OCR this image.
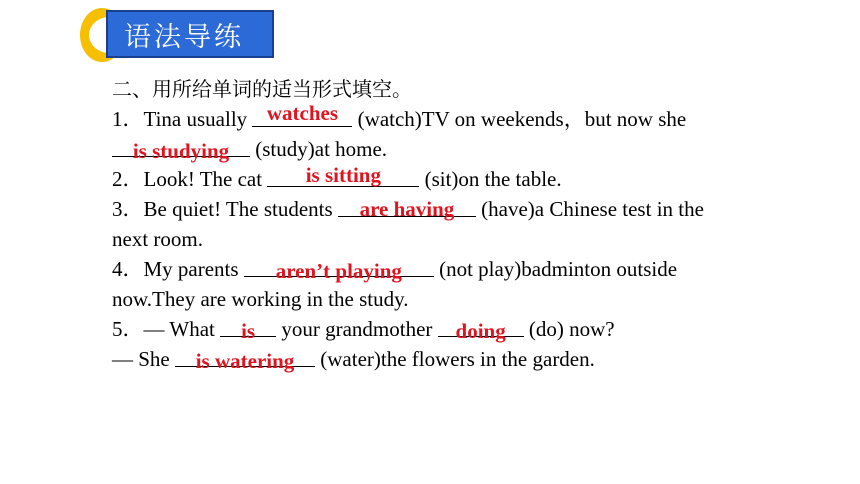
语法导练
二、用所给单词的适当形式填空。
1．Tina usually watches (watch)TV on weekends，but now she
is studying (study)at home.
2．Look! The cat is sitting (sit)on the table.
3．Be quiet! The students are having (have)a Chinese test in the
next room.
4．My parents aren’t playing (not play)badminton outside
now.They are working in the study.
5．— What is your grandmother doing (do) now?
— She is watering (water)the flowers in the garden.
